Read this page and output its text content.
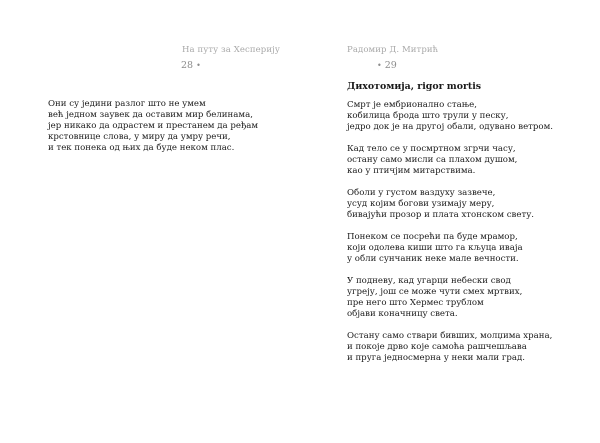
На путу за Хесперију
28 •
Они су једини разлог што не умем
већ једном заувек да оставим мир белинама,
јер никако да одрастем и престанем да ређам
крстовнице слова, у миру да умру речи,
и тек понека од њих да буде неком плас.
Радомир Д. Митрић
• 29
Дихотомија, rigor mortis
Смрт је ембрионално стање,
кобилица брода што трули у песку,
једро док је на другој обали, одувано ветром.
Кад тело се у посмртном згрчи часу,
остану само мисли са плахом душом,
као у птичјим митарствима.
Оболи у густом ваздуху зазвече,
усуд којим богови узимају меру,
бивајући прозор и плата хтонском свету.
Понеком се посрећи па буде мрамор,
који одолева киши што га кљуца иваја
у обли сунчаник неке мале вечности.
У подневу, кад угарци небески свод
угреју, још се може чути смех мртвих,
пре него што Хермес трублом
објави коначницу света.
Остану само ствари бивших, молџима храна,
и покоје дрво које самоћа рашчешљава
и пруга једносмерна у неки мали град.
